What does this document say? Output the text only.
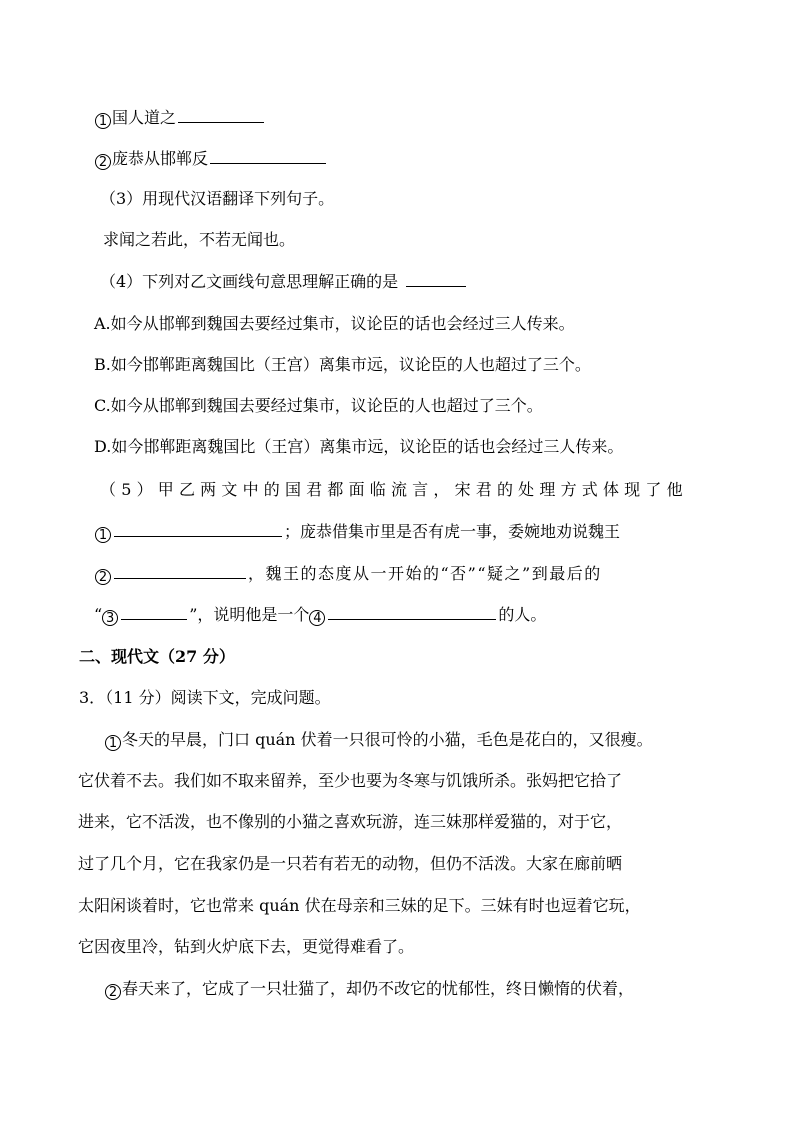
1 国人道之
2 庞恭从邯郸反
（3）用现代汉语翻译下列句子。
求闻之若此，不若无闻也。
（4）下列对乙文画线句意思理解正确的是
A.如今从邯郸到魏国去要经过集市，议论臣的话也会经过三人传来。
B.如今邯郸距离魏国比（王宫）离集市远，议论臣的人也超过了三个。
C.如今从邯郸到魏国去要经过集市，议论臣的人也超过了三个。
D.如今邯郸距离魏国比（王宫）离集市远，议论臣的话也会经过三人传来。
（5）甲乙两文中的国君都面临流言，宋君的处理方式体现了他
1	；庞恭借集市里是否有虎一事，委婉地劝说魏王
2	，魏王的态度从一开始的“否”“疑之”到最后的
“ 3	”，说明他是一个 4	的人。
二、现代文（27 分）
3．（11 分）阅读下文，完成问题。
1 冬天的早晨，门口 quán 伏着一只很可怜的小猫，毛色是花白的，又很瘦。
它伏着不去。我们如不取来留养，至少也要为冬寒与饥饿所杀。张妈把它拾了
进来，它不活泼，也不像别的小猫之喜欢玩游，连三妹那样爱猫的，对于它，
过了几个月，它在我家仍是一只若有若无的动物，但仍不活泼。大家在廊前晒
太阳闲谈着时，它也常来 quán 伏在母亲和三妹的足下。三妹有时也逗着它玩，
它因夜里冷，钻到火炉底下去，更觉得难看了。
2 春天来了，它成了一只壮猫了，却仍不改它的忧郁性，终日懒惰的伏着，
